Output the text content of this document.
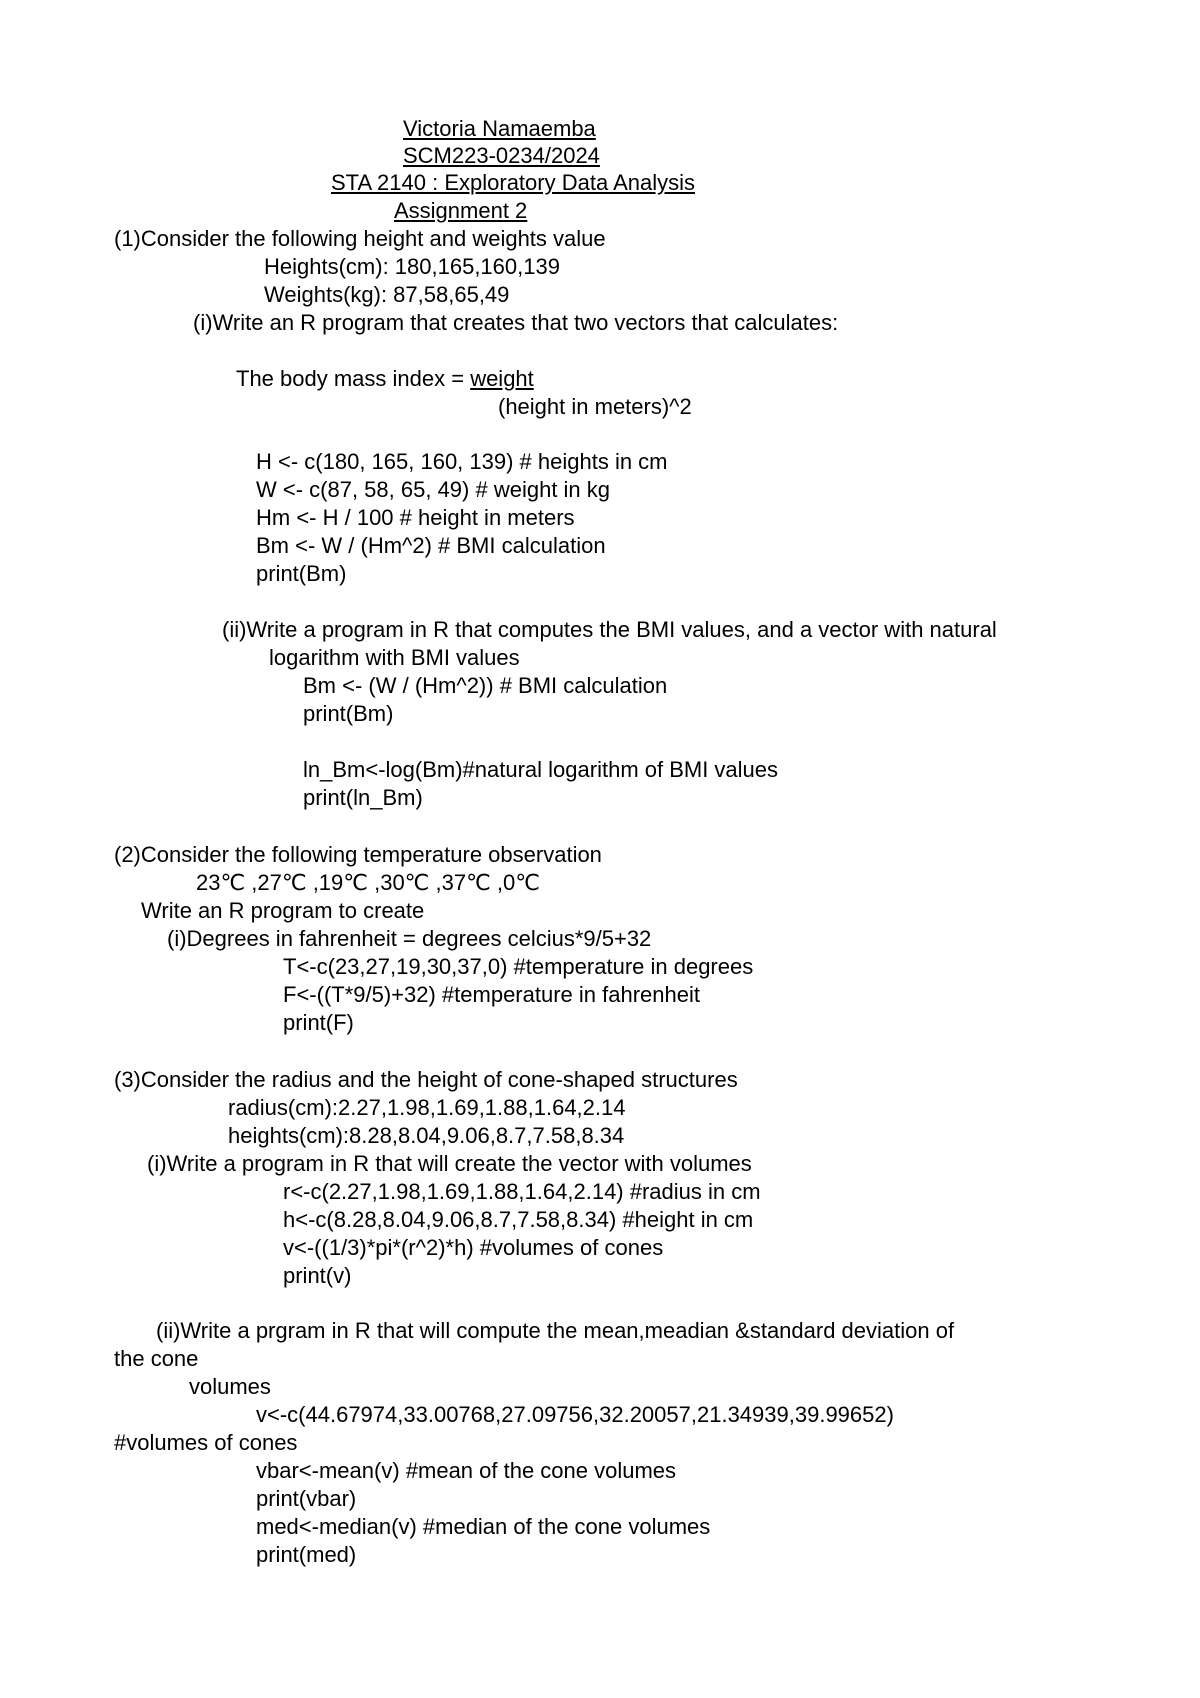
Victoria Namaemba
SCM223-0234/2024
STA 2140 : Exploratory Data Analysis
Assignment 2
(1)Consider the following height and weights value
Heights(cm): 180,165,160,139
Weights(kg): 87,58,65,49
(i)Write an R program that creates that two vectors that calculates:
The body mass index = weight
(height in meters)^2
H <- c(180, 165, 160, 139) # heights in cm
W <- c(87, 58, 65, 49) # weight in kg
Hm <- H / 100 # height in meters
Bm <- W / (Hm^2) # BMI calculation
print(Bm)
(ii)Write a program in R that computes the BMI values, and a vector with natural
logarithm with BMI values
Bm <- (W / (Hm^2)) # BMI calculation
print(Bm)
ln_Bm<-log(Bm)#natural logarithm of BMI values
print(ln_Bm)
(2)Consider the following temperature observation
23℃ ,27℃ ,19℃ ,30℃ ,37℃ ,0℃
Write an R program to create
(i)Degrees in fahrenheit = degrees celcius*9/5+32
T<-c(23,27,19,30,37,0) #temperature in degrees
F<-((T*9/5)+32) #temperature in fahrenheit
print(F)
(3)Consider the radius and the height of cone-shaped structures
radius(cm):2.27,1.98,1.69,1.88,1.64,2.14
heights(cm):8.28,8.04,9.06,8.7,7.58,8.34
(i)Write a program in R that will create the vector with volumes
r<-c(2.27,1.98,1.69,1.88,1.64,2.14) #radius in cm
h<-c(8.28,8.04,9.06,8.7,7.58,8.34) #height in cm
v<-((1/3)*pi*(r^2)*h) #volumes of cones
print(v)
(ii)Write a prgram in R that will compute the mean,meadian &standard deviation of
the cone
volumes
v<-c(44.67974,33.00768,27.09756,32.20057,21.34939,39.99652)
#volumes of cones
vbar<-mean(v) #mean of the cone volumes
print(vbar)
med<-median(v) #median of the cone volumes
print(med)
